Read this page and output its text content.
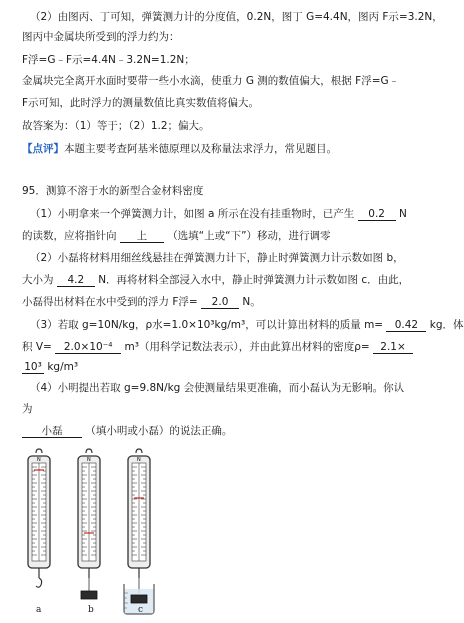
（2）由图丙、丁可知，弹簧测力计的分度值，0.2N，图丁 G=4.4N，图丙 F示=3.2N，
图丙中金属块所受到的浮力约为：
F浮=G﹣F示=4.4N﹣3.2N=1.2N；
金属块完全离开水面时要带一些小水滴，使重力 G 测的数值偏大，根据 F浮=G﹣
F示可知，此时浮力的测量数值比真实数值将偏大。
故答案为：（1）等于；（2）1.2；偏大。
【点评】本题主要考查阿基米德原理以及称量法求浮力，常见题目。
95．测算不溶于水的新型合金材料密度
（1）小明拿来一个弹簧测力计，如图 a 所示在没有挂重物时，已产生 0.2 N
的读数，应将指针向 上 （选填“上或“下”）移动，进行调零
（2）小磊将材料用细丝线悬挂在弹簧测力计下，静止时弹簧测力计示数如图 b，
大小为 4.2 N．再将材料全部浸入水中，静止时弹簧测力计示数如图 c．由此，
小磊得出材料在水中受到的浮力 F浮= 2.0 N。
（3）若取 g=10N/kg，ρ水=1.0×10³kg/m³，可以计算出材料的质量 m= 0.42 kg．体
积 V= 2.0×10⁻⁴ m³（用科学记数法表示），并由此算出材料的密度ρ= 2.1×
10³ kg/m³
（4）小明提出若取 g=9.8N/kg 会使测量结果更准确，而小磊认为无影响。你认
为
小磊 （填小明或小磊）的说法正确。
N	N	N
a	b	c
